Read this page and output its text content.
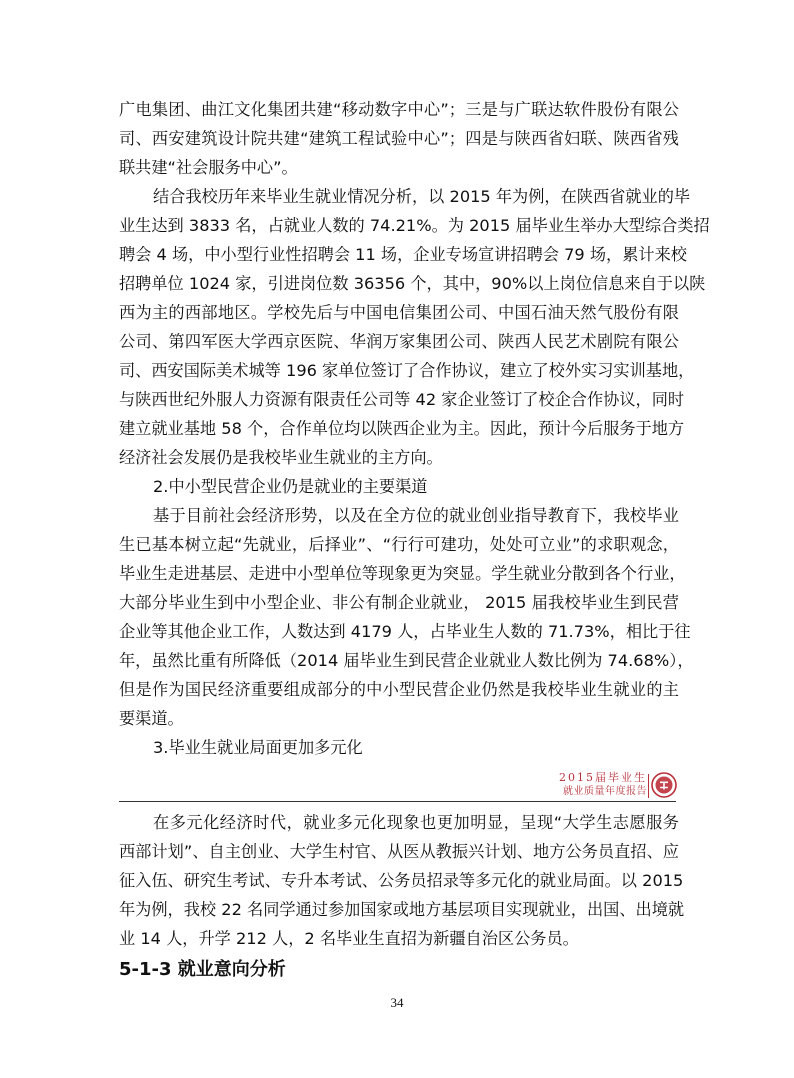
广电集团、曲江文化集团共建“移动数字中心”；三是与广联达软件股份有限公
司、西安建筑设计院共建“建筑工程试验中心”；四是与陕西省妇联、陕西省残
联共建“社会服务中心”。
结合我校历年来毕业生就业情况分析，以 2015 年为例，在陕西省就业的毕
业生达到 3833 名，占就业人数的 74.21%。为 2015 届毕业生举办大型综合类招
聘会 4 场，中小型行业性招聘会 11 场，企业专场宣讲招聘会 79 场，累计来校
招聘单位 1024 家，引进岗位数 36356 个，其中，90%以上岗位信息来自于以陕
西为主的西部地区。学校先后与中国电信集团公司、中国石油天然气股份有限
公司、第四军医大学西京医院、华润万家集团公司、陕西人民艺术剧院有限公
司、西安国际美术城等 196 家单位签订了合作协议，建立了校外实习实训基地，
与陕西世纪外服人力资源有限责任公司等 42 家企业签订了校企合作协议，同时
建立就业基地 58 个，合作单位均以陕西企业为主。因此，预计今后服务于地方
经济社会发展仍是我校毕业生就业的主方向。
2.中小型民营企业仍是就业的主要渠道
基于目前社会经济形势，以及在全方位的就业创业指导教育下，我校毕业
生已基本树立起“先就业，后择业”、“行行可建功，处处可立业”的求职观念，
毕业生走进基层、走进中小型单位等现象更为突显。学生就业分散到各个行业，
大部分毕业生到中小型企业、非公有制企业就业， 2015 届我校毕业生到民营
企业等其他企业工作，人数达到 4179 人，占毕业生人数的 71.73%，相比于往
年，虽然比重有所降低（2014 届毕业生到民营企业就业人数比例为 74.68%），
但是作为国民经济重要组成部分的中小型民营企业仍然是我校毕业生就业的主
要渠道。
3.毕业生就业局面更加多元化
2015届毕业生
就业质量年度报告
在多元化经济时代，就业多元化现象也更加明显，呈现“大学生志愿服务
西部计划”、自主创业、大学生村官、从医从教振兴计划、地方公务员直招、应
征入伍、研究生考试、专升本考试、公务员招录等多元化的就业局面。以 2015
年为例，我校 22 名同学通过参加国家或地方基层项目实现就业，出国、出境就
业 14 人，升学 212 人，2 名毕业生直招为新疆自治区公务员。
5-1-3 就业意向分析
34
